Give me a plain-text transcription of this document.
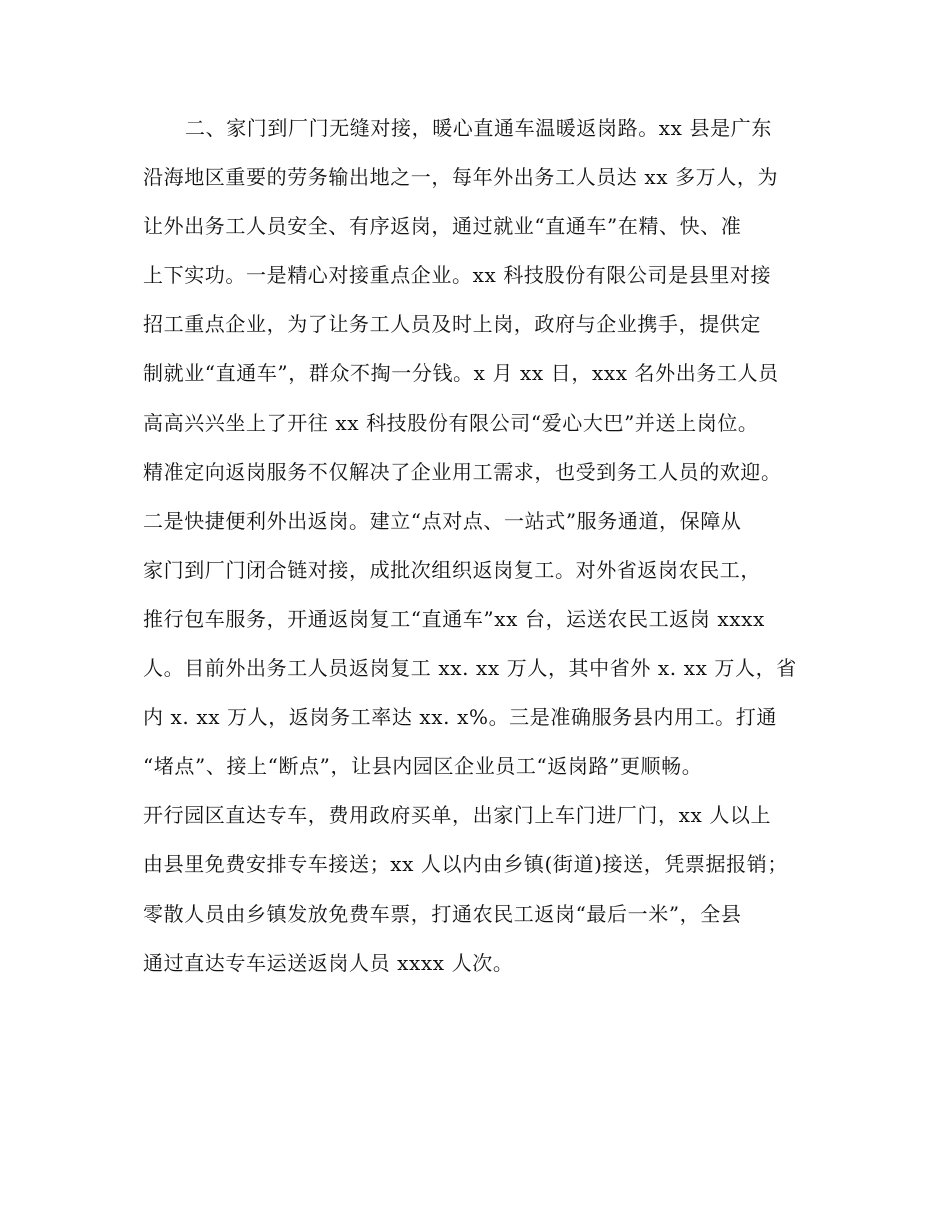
二、家门到厂门无缝对接，暖心直通车温暖返岗路。xx 县是广东
沿海地区重要的劳务输出地之一，每年外出务工人员达 xx 多万人，为
让外出务工人员安全、有序返岗，通过就业“直通车”在精、快、准
上下实功。一是精心对接重点企业。xx 科技股份有限公司是县里对接
招工重点企业，为了让务工人员及时上岗，政府与企业携手，提供定
制就业“直通车”，群众不掏一分钱。x 月 xx 日，xxx 名外出务工人员
高高兴兴坐上了开往 xx 科技股份有限公司“爱心大巴”并送上岗位。
精准定向返岗服务不仅解决了企业用工需求，也受到务工人员的欢迎。
二是快捷便利外出返岗。建立“点对点、一站式”服务通道，保障从
家门到厂门闭合链对接，成批次组织返岗复工。对外省返岗农民工，
推行包车服务，开通返岗复工“直通车”xx 台，运送农民工返岗 xxxx
人。目前外出务工人员返岗复工 xx. xx 万人，其中省外 x. xx 万人，省
内 x. xx 万人，返岗务工率达 xx. x%。三是准确服务县内用工。打通
“堵点”、接上“断点”，让县内园区企业员工“返岗路”更顺畅。
开行园区直达专车，费用政府买单，出家门上车门进厂门，xx 人以上
由县里免费安排专车接送；xx 人以内由乡镇(街道)接送，凭票据报销；
零散人员由乡镇发放免费车票，打通农民工返岗“最后一米”，全县
通过直达专车运送返岗人员 xxxx 人次。
